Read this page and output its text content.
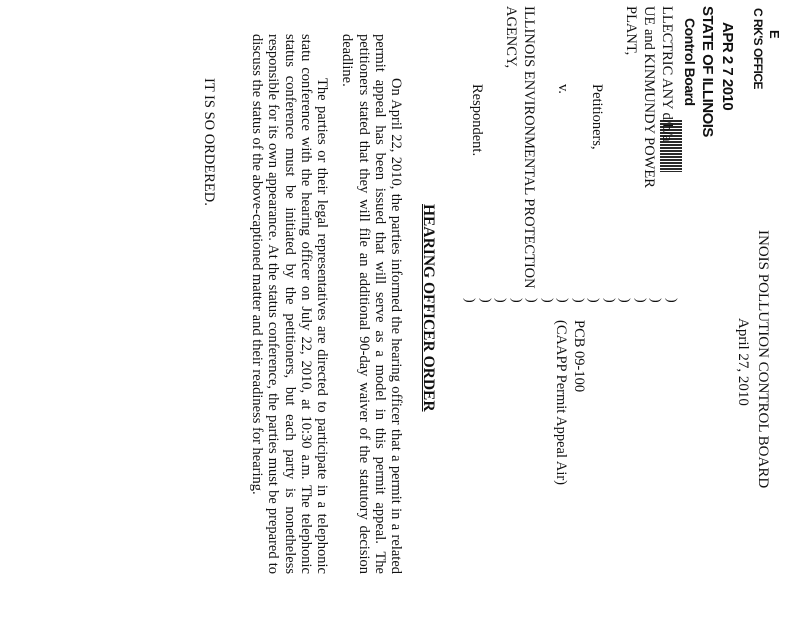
E
C RK'S OFFICE
APR 2 7 2010
STATE OF ILLINOIS
Control Board
INOIS POLLUTION CONTROL BOARD
April 27, 2010
LLECTRIC ANY d/b/a
UE and KINMUNDY POWER
PLANT,
Petitioners,
v.
ILLINOIS ENVIRONMENTAL PROTECTION
AGENCY,
Respondent.
)
)
)
)
)
)
)
)
)
)
)
)
)
)
PCB 09-100
(CAAPP Permit Appeal Air)
HEARING OFFICER ORDER
On April 22, 2010, the parties informed the hearing officer that a permit in a related permit appeal has been issued that will serve as a model in this permit appeal. The petitioners stated that they will file an additional 90-day waiver of the statutory decision deadline.
The parties or their legal representatives are directed to participate in a telephonic statu conference with the hearing officer on July 22, 2010, at 10:30 a.m. The telephonic status conference must be initiated by the petitioners, but each party is nonetheless responsible for its own appearance. At the status conference, the parties must be prepared to discuss the status of the above-captioned matter and their readiness for hearing.
IT IS SO ORDERED.
